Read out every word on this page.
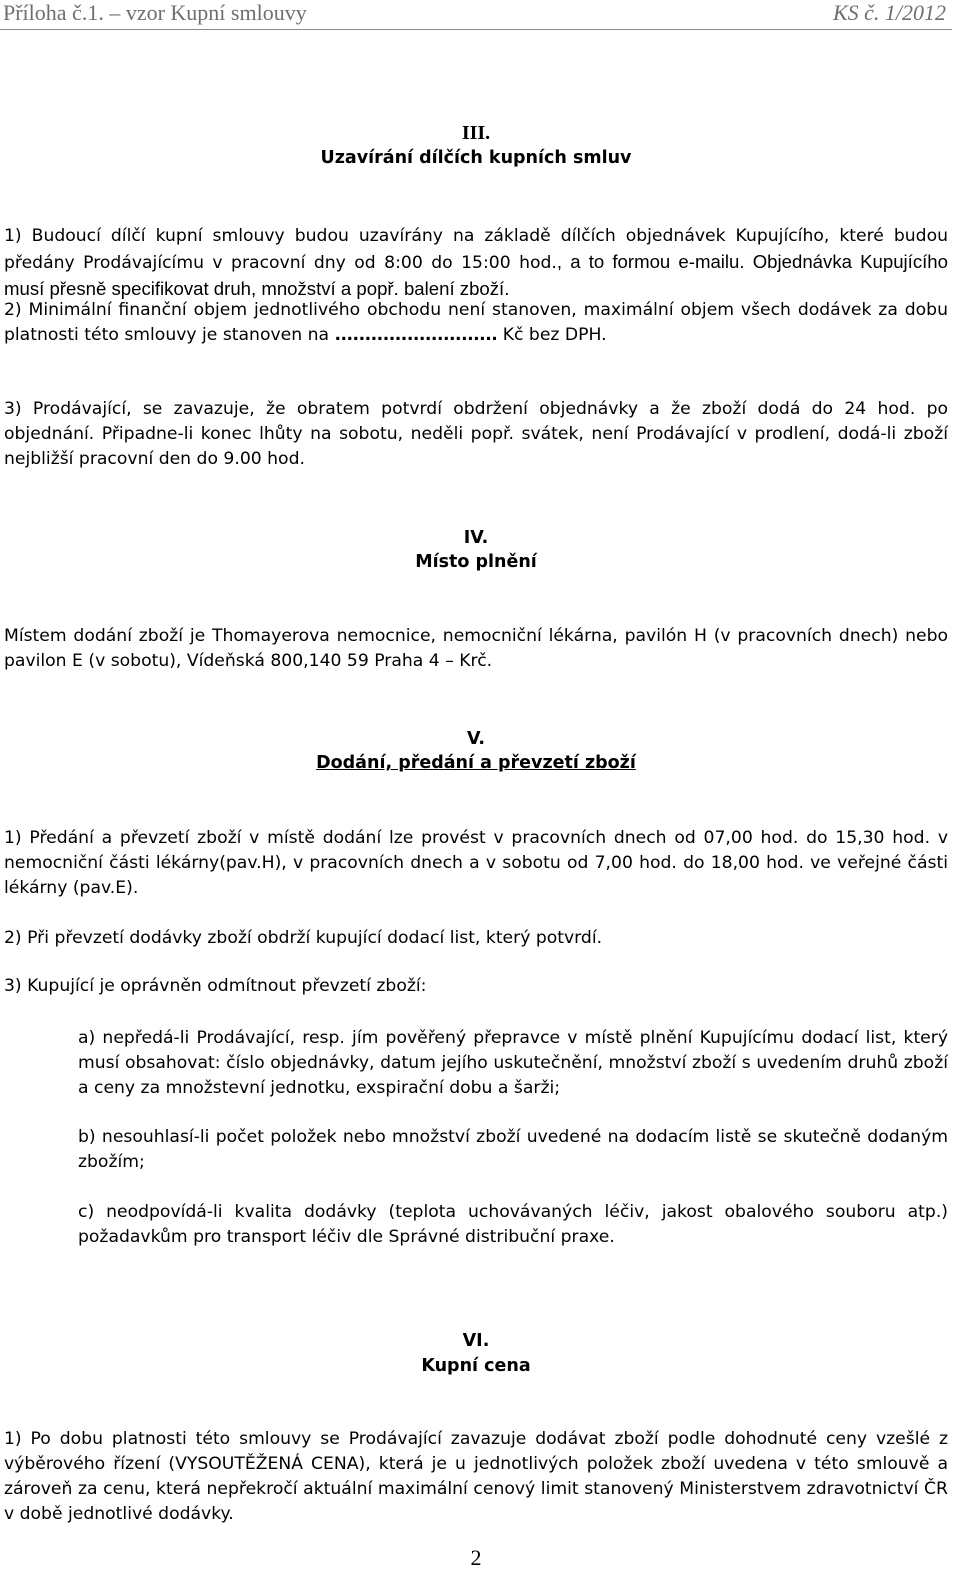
Příloha č.1. – vzor Kupní smlouvy	KS č. 1/2012

III.

Uzavírání dílčích kupních smluv

1) Budoucí dílčí kupní smlouvy budou uzavírány na základě dílčích objednávek Kupujícího, které budou předány Prodávajícímu v pracovní dny od 8:00 do 15:00 hod., a to formou e-mailu. Objednávka Kupujícího musí přesně specifikovat druh, množství a popř. balení zboží.

2) Minimální finanční objem jednotlivého obchodu není stanoven, maximální objem všech dodávek za dobu platnosti této smlouvy je stanoven na ........................... Kč bez DPH.

3) Prodávající, se zavazuje, že obratem potvrdí obdržení objednávky a že zboží dodá do 24 hod. po objednání. Připadne-li konec lhůty na sobotu, neděli popř. svátek, není Prodávající v prodlení, dodá-li zboží nejbližší pracovní den do 9.00 hod.

IV.

Místo plnění

Místem dodání zboží je Thomayerova nemocnice, nemocniční lékárna, pavilón H (v pracovních dnech) nebo pavilon E (v sobotu), Vídeňská 800,140 59 Praha 4 – Krč.

V.

Dodání, předání a převzetí zboží

1) Předání a převzetí zboží v místě dodání lze provést v pracovních dnech od 07,00 hod. do 15,30 hod. v nemocniční části lékárny(pav.H), v pracovních dnech a v sobotu od 7,00 hod. do 18,00 hod. ve veřejné části lékárny (pav.E).

2) Při převzetí dodávky zboží obdrží kupující dodací list, který potvrdí.

3) Kupující je oprávněn odmítnout převzetí zboží:

a) nepředá-li Prodávající, resp. jím pověřený přepravce v místě plnění Kupujícímu dodací list, který musí obsahovat: číslo objednávky, datum jejího uskutečnění, množství zboží s uvedením druhů zboží a ceny za množstevní jednotku, exspirační dobu a šarži;

b) nesouhlasí-li počet položek nebo množství zboží uvedené na dodacím listě se skutečně dodaným zbožím;

c) neodpovídá-li kvalita dodávky (teplota uchovávaných léčiv, jakost obalového souboru atp.) požadavkům pro transport léčiv dle Správné distribuční praxe.

VI.

Kupní cena

1) Po dobu platnosti této smlouvy se Prodávající zavazuje dodávat zboží podle dohodnuté ceny vzešlé z výběrového řízení (VYSOUTĚŽENÁ CENA), která je u jednotlivých položek zboží uvedena v této smlouvě a zároveň za cenu, která nepřekročí aktuální maximální cenový limit stanovený Ministerstvem zdravotnictví ČR v době jednotlivé dodávky.

2
